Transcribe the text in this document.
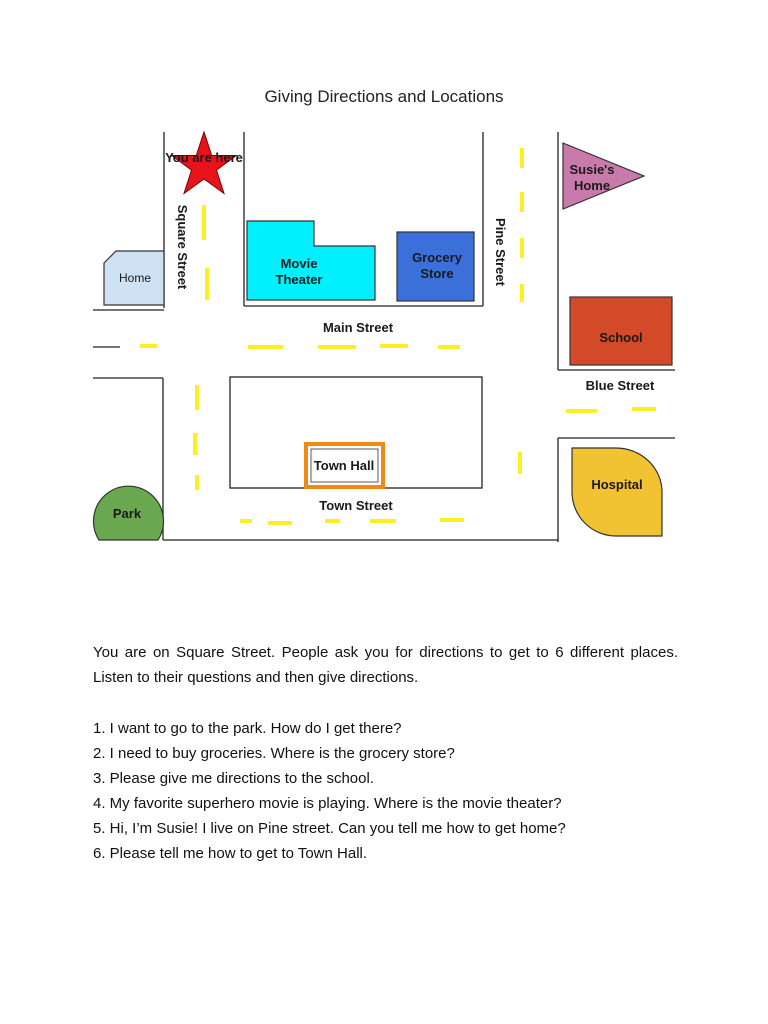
Giving Directions and Locations
You are here
Square Street	Pine Street
Home
Movie
Theater
Grocery
Store
Main Street
Susie's
Home
School
Blue Street
Town Hall
Town Street
Park
Hospital
You are on Square Street. People ask you for directions to get to 6 different places. Listen to their questions and then give directions.
1. I want to go to the park. How do I get there?
2. I need to buy groceries. Where is the grocery store?
3. Please give me directions to the school.
4. My favorite superhero movie is playing. Where is the movie theater?
5. Hi, I’m Susie! I live on Pine street. Can you tell me how to get home?
6. Please tell me how to get to Town Hall.
